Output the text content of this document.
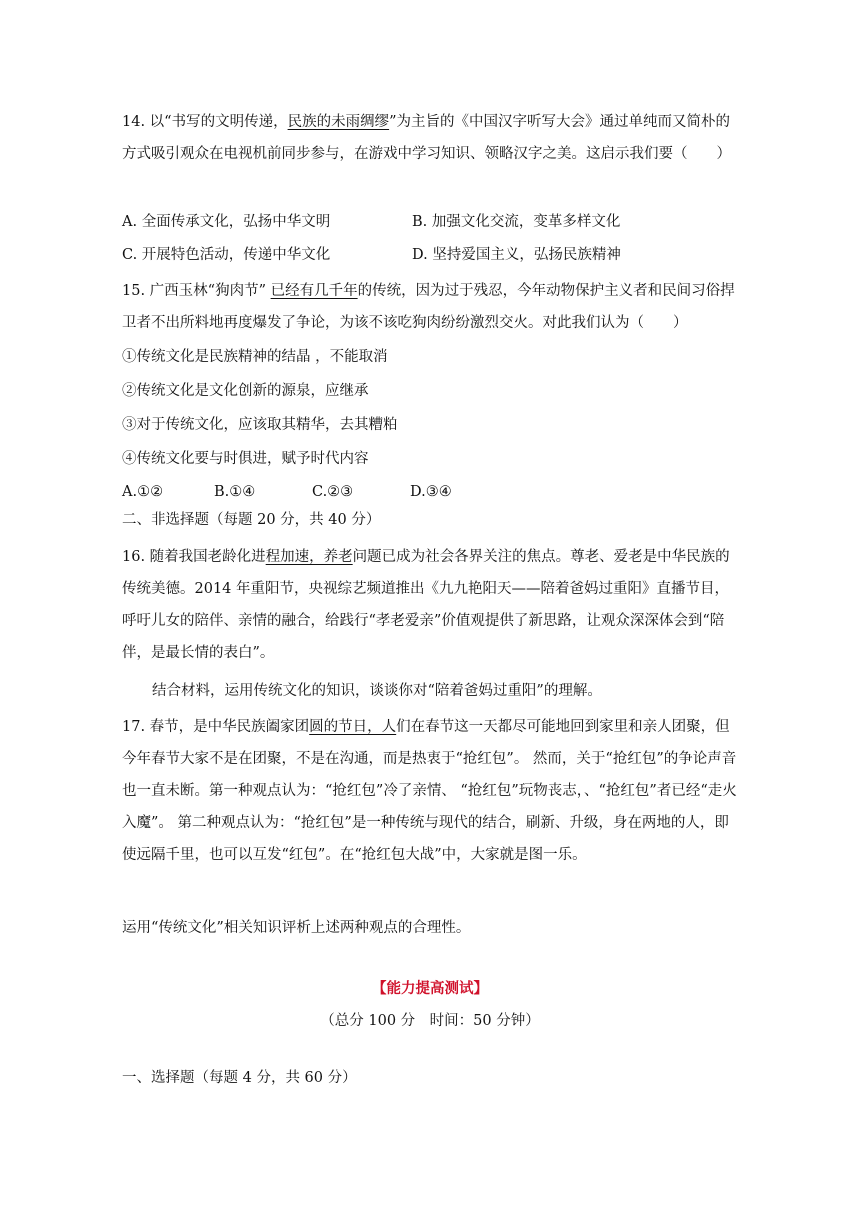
14. 以“书写的文明传递，民族的未雨绸缪”为主旨的《中国汉字听写大会》通过单纯而又简朴的方式吸引观众在电视机前同步参与，在游戏中学习知识、领略汉字之美。这启示我们要（　　）
A. 全面传承文化，弘扬中华文明	B. 加强文化交流，变革多样文化
C. 开展特色活动，传递中华文化	D. 坚持爱国主义，弘扬民族精神
15. 广西玉林“狗肉节” 已经有几千年的传统，因为过于残忍，今年动物保护主义者和民间习俗捍卫者不出所料地再度爆发了争论，为该不该吃狗肉纷纷激烈交火。对此我们认为（　　）
①传统文化是民族精神的结晶 ，不能取消
②传统文化是文化创新的源泉，应继承
③对于传统文化，应该取其精华，去其糟粕
④传统文化要与时俱进，赋予时代内容
A.①②	B.①④	C.②③	D.③④
二、非选择题（每题 20 分，共 40 分）
16. 随着我国老龄化进程加速，养老问题已成为社会各界关注的焦点。尊老、爱老是中华民族的传统美德。2014 年重阳节，央视综艺频道推出《九九艳阳天——陪着爸妈过重阳》直播节目，呼吁儿女的陪伴、亲情的融合，给践行“孝老爱亲”价值观提供了新思路，让观众深深体会到“陪伴，是最长情的表白”。
结合材料，运用传统文化的知识，谈谈你对“陪着爸妈过重阳”的理解。
17. 春节，是中华民族阖家团圆的节日，人们在春节这一天都尽可能地回到家里和亲人团聚，但今年春节大家不是在团聚，不是在沟通，而是热衷于“抢红包”。 然而，关于“抢红包”的争论声音也一直未断。第一种观点认为：“抢红包”冷了亲情、 “抢红包”玩物丧志，、“抢红包”者已经“走火入魔”。 第二种观点认为：“抢红包”是一种传统与现代的结合，刷新、升级，身在两地的人，即使远隔千里，也可以互发“红包”。在“抢红包大战”中，大家就是图一乐。
运用“传统文化”相关知识评析上述两种观点的合理性。
【能力提高测试】
（总分 100 分　时间：50 分钟）
一、选择题（每题 4 分，共 60 分）
